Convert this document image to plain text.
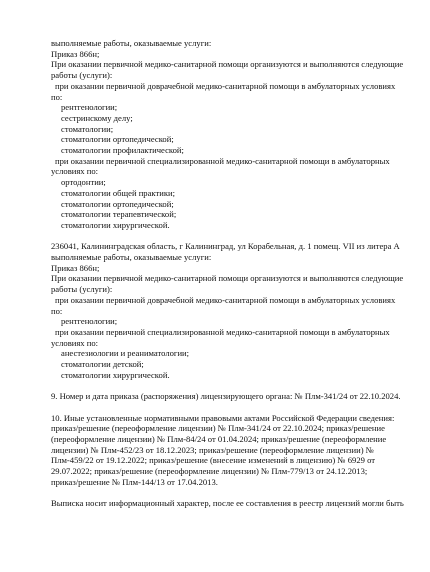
выполняемые работы, оказываемые услуги:
Приказ 866н;
При оказании первичной медико-санитарной помощи организуются и выполняются следующие
работы (услуги):
при оказании первичной доврачебной медико-санитарной помощи в амбулаторных условиях
по:
рентгенологии;
сестринскому делу;
стоматологии;
стоматологии ортопедической;
стоматологии профилактической;
при оказании первичной специализированной медико-санитарной помощи в амбулаторных
условиях по:
ортодонтии;
стоматологии общей практики;
стоматологии ортопедической;
стоматологии терапевтической;
стоматологии хирургической.
236041, Калининградская область, г Калининград, ул Корабельная, д. 1 помещ. VII из литера А
выполняемые работы, оказываемые услуги:
Приказ 866н;
При оказании первичной медико-санитарной помощи организуются и выполняются следующие
работы (услуги):
при оказании первичной доврачебной медико-санитарной помощи в амбулаторных условиях
по:
рентгенологии;
при оказании первичной специализированной медико-санитарной помощи в амбулаторных
условиях по:
анестезиологии и реаниматологии;
стоматологии детской;
стоматологии хирургической.
9. Номер и дата приказа (распоряжения) лицензирующего органа: № Плм-341/24 от 22.10.2024.
10. Иные установленные нормативными правовыми актами Российской Федерации сведения:
приказ/решение (переоформление лицензии) № Плм-341/24 от 22.10.2024; приказ/решение
(переоформление лицензии) № Плм-84/24 от 01.04.2024; приказ/решение (переоформление
лицензии) № Плм-452/23 от 18.12.2023; приказ/решение (переоформление лицензии) №
Плм-459/22 от 19.12.2022; приказ/решение (внесение изменений в лицензию) № 6929 от
29.07.2022; приказ/решение (переоформление лицензии) № Плм-779/13 от 24.12.2013;
приказ/решение № Плм-144/13 от 17.04.2013.
Выписка носит информационный характер, после ее составления в реестр лицензий могли быть
